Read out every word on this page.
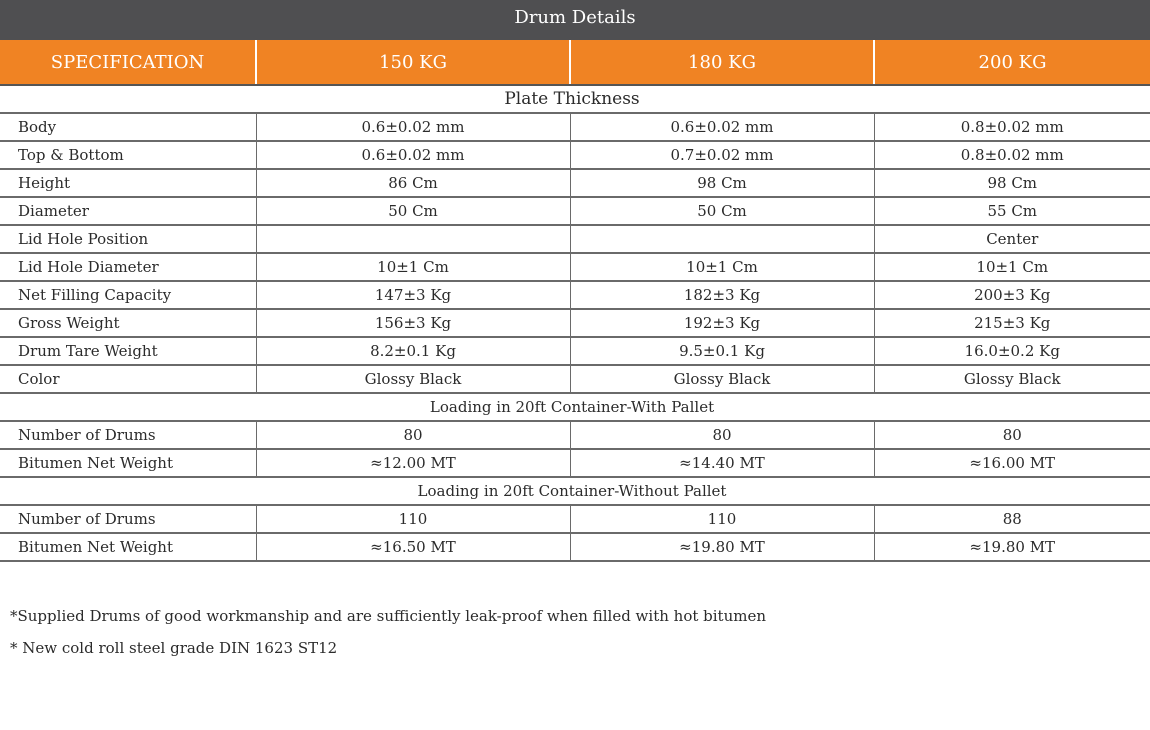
Drum Details
SPECIFICATION	150 KG	180 KG	200 KG
Plate Thickness			
Body	0.6±0.02 mm	0.6±0.02 mm	0.8±0.02 mm
Top & Bottom	0.6±0.02 mm	0.7±0.02 mm	0.8±0.02 mm
Height	86 Cm	98 Cm	98 Cm
Diameter	50 Cm	50 Cm	55 Cm
Lid Hole Position			Center
Lid Hole Diameter	10±1 Cm	10±1 Cm	10±1 Cm
Net Filling Capacity	147±3 Kg	182±3 Kg	200±3 Kg
Gross Weight	156±3 Kg	192±3 Kg	215±3 Kg
Drum Tare Weight	8.2±0.1 Kg	9.5±0.1 Kg	16.0±0.2 Kg
Color	Glossy Black	Glossy Black	Glossy Black
Loading in 20ft Container-With Pallet			
Number of Drums	80	80	80
Bitumen Net Weight	≈12.00 MT	≈14.40 MT	≈16.00 MT
Loading in 20ft Container-Without Pallet			
Number of Drums	110	110	88
Bitumen Net Weight	≈16.50 MT	≈19.80 MT	≈19.80 MT
*Supplied Drums of good workmanship and are sufficiently leak-proof when filled with hot bitumen
* New cold roll steel grade DIN 1623 ST12
